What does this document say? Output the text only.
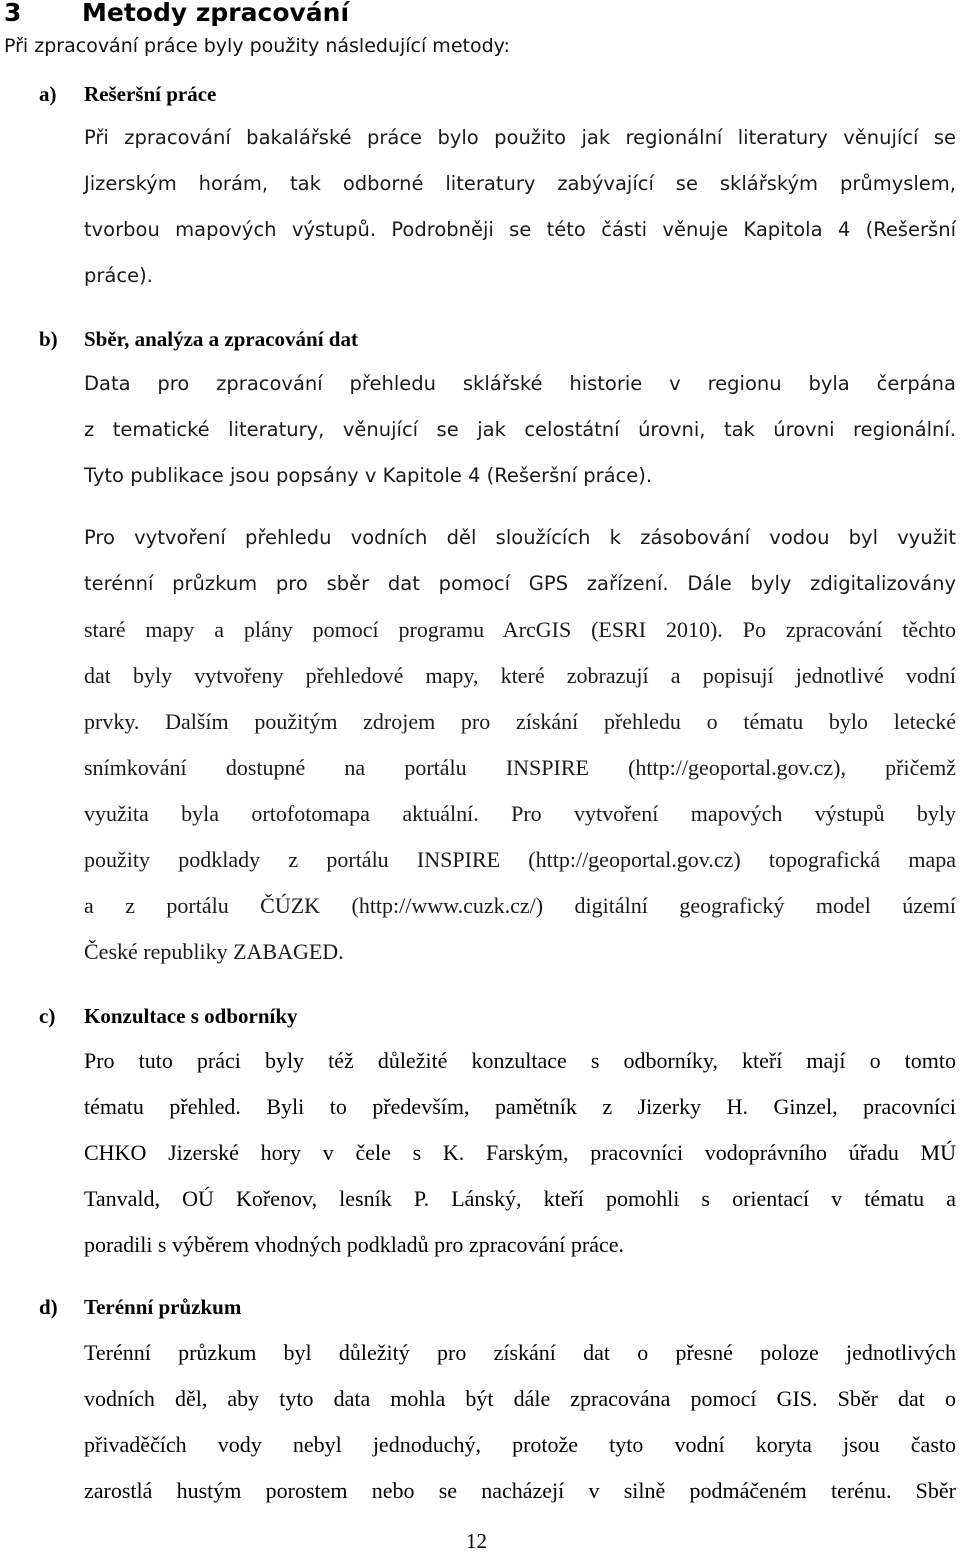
3 Metody zpracování
Při zpracování práce byly použity následující metody:
a) Rešeršní práce
Při zpracování bakalářské práce bylo použito jak regionální literatury věnující se
Jizerským horám, tak odborné literatury zabývající se sklářským průmyslem,
tvorbou mapových výstupů. Podrobněji se této části věnuje Kapitola 4 (Rešeršní
práce).
b) Sběr, analýza a zpracování dat
Data pro zpracování přehledu sklářské historie v regionu byla čerpána
z tematické literatury, věnující se jak celostátní úrovni, tak úrovni regionální.
Tyto publikace jsou popsány v Kapitole 4 (Rešeršní práce).
Pro vytvoření přehledu vodních děl sloužících k zásobování vodou byl využit
terénní průzkum pro sběr dat pomocí GPS zařízení. Dále byly zdigitalizovány
staré mapy a plány pomocí programu ArcGIS (ESRI 2010). Po zpracování těchto
dat byly vytvořeny přehledové mapy, které zobrazují a popisují jednotlivé vodní
prvky. Dalším použitým zdrojem pro získání přehledu o tématu bylo letecké
snímkování dostupné na portálu INSPIRE (http://geoportal.gov.cz), přičemž
využita byla ortofotomapa aktuální. Pro vytvoření mapových výstupů byly
použity podklady z portálu INSPIRE (http://geoportal.gov.cz) topografická mapa
a z portálu ČÚZK (http://www.cuzk.cz/) digitální geografický model území
České republiky ZABAGED.
c) Konzultace s odborníky
Pro tuto práci byly též důležité konzultace s odborníky, kteří mají o tomto
tématu přehled. Byli to především, pamětník z Jizerky H. Ginzel, pracovníci
CHKO Jizerské hory v čele s K. Farským, pracovníci vodoprávního úřadu MÚ
Tanvald, OÚ Kořenov, lesník P. Lánský, kteří pomohli s orientací v tématu a
poradili s výběrem vhodných podkladů pro zpracování práce.
d) Terénní průzkum
Terénní průzkum byl důležitý pro získání dat o přesné poloze jednotlivých
vodních děl, aby tyto data mohla být dále zpracována pomocí GIS. Sběr dat o
přivaděčích vody nebyl jednoduchý, protože tyto vodní koryta jsou často
zarostlá hustým porostem nebo se nacházejí v silně podmáčeném terénu. Sběr
12
